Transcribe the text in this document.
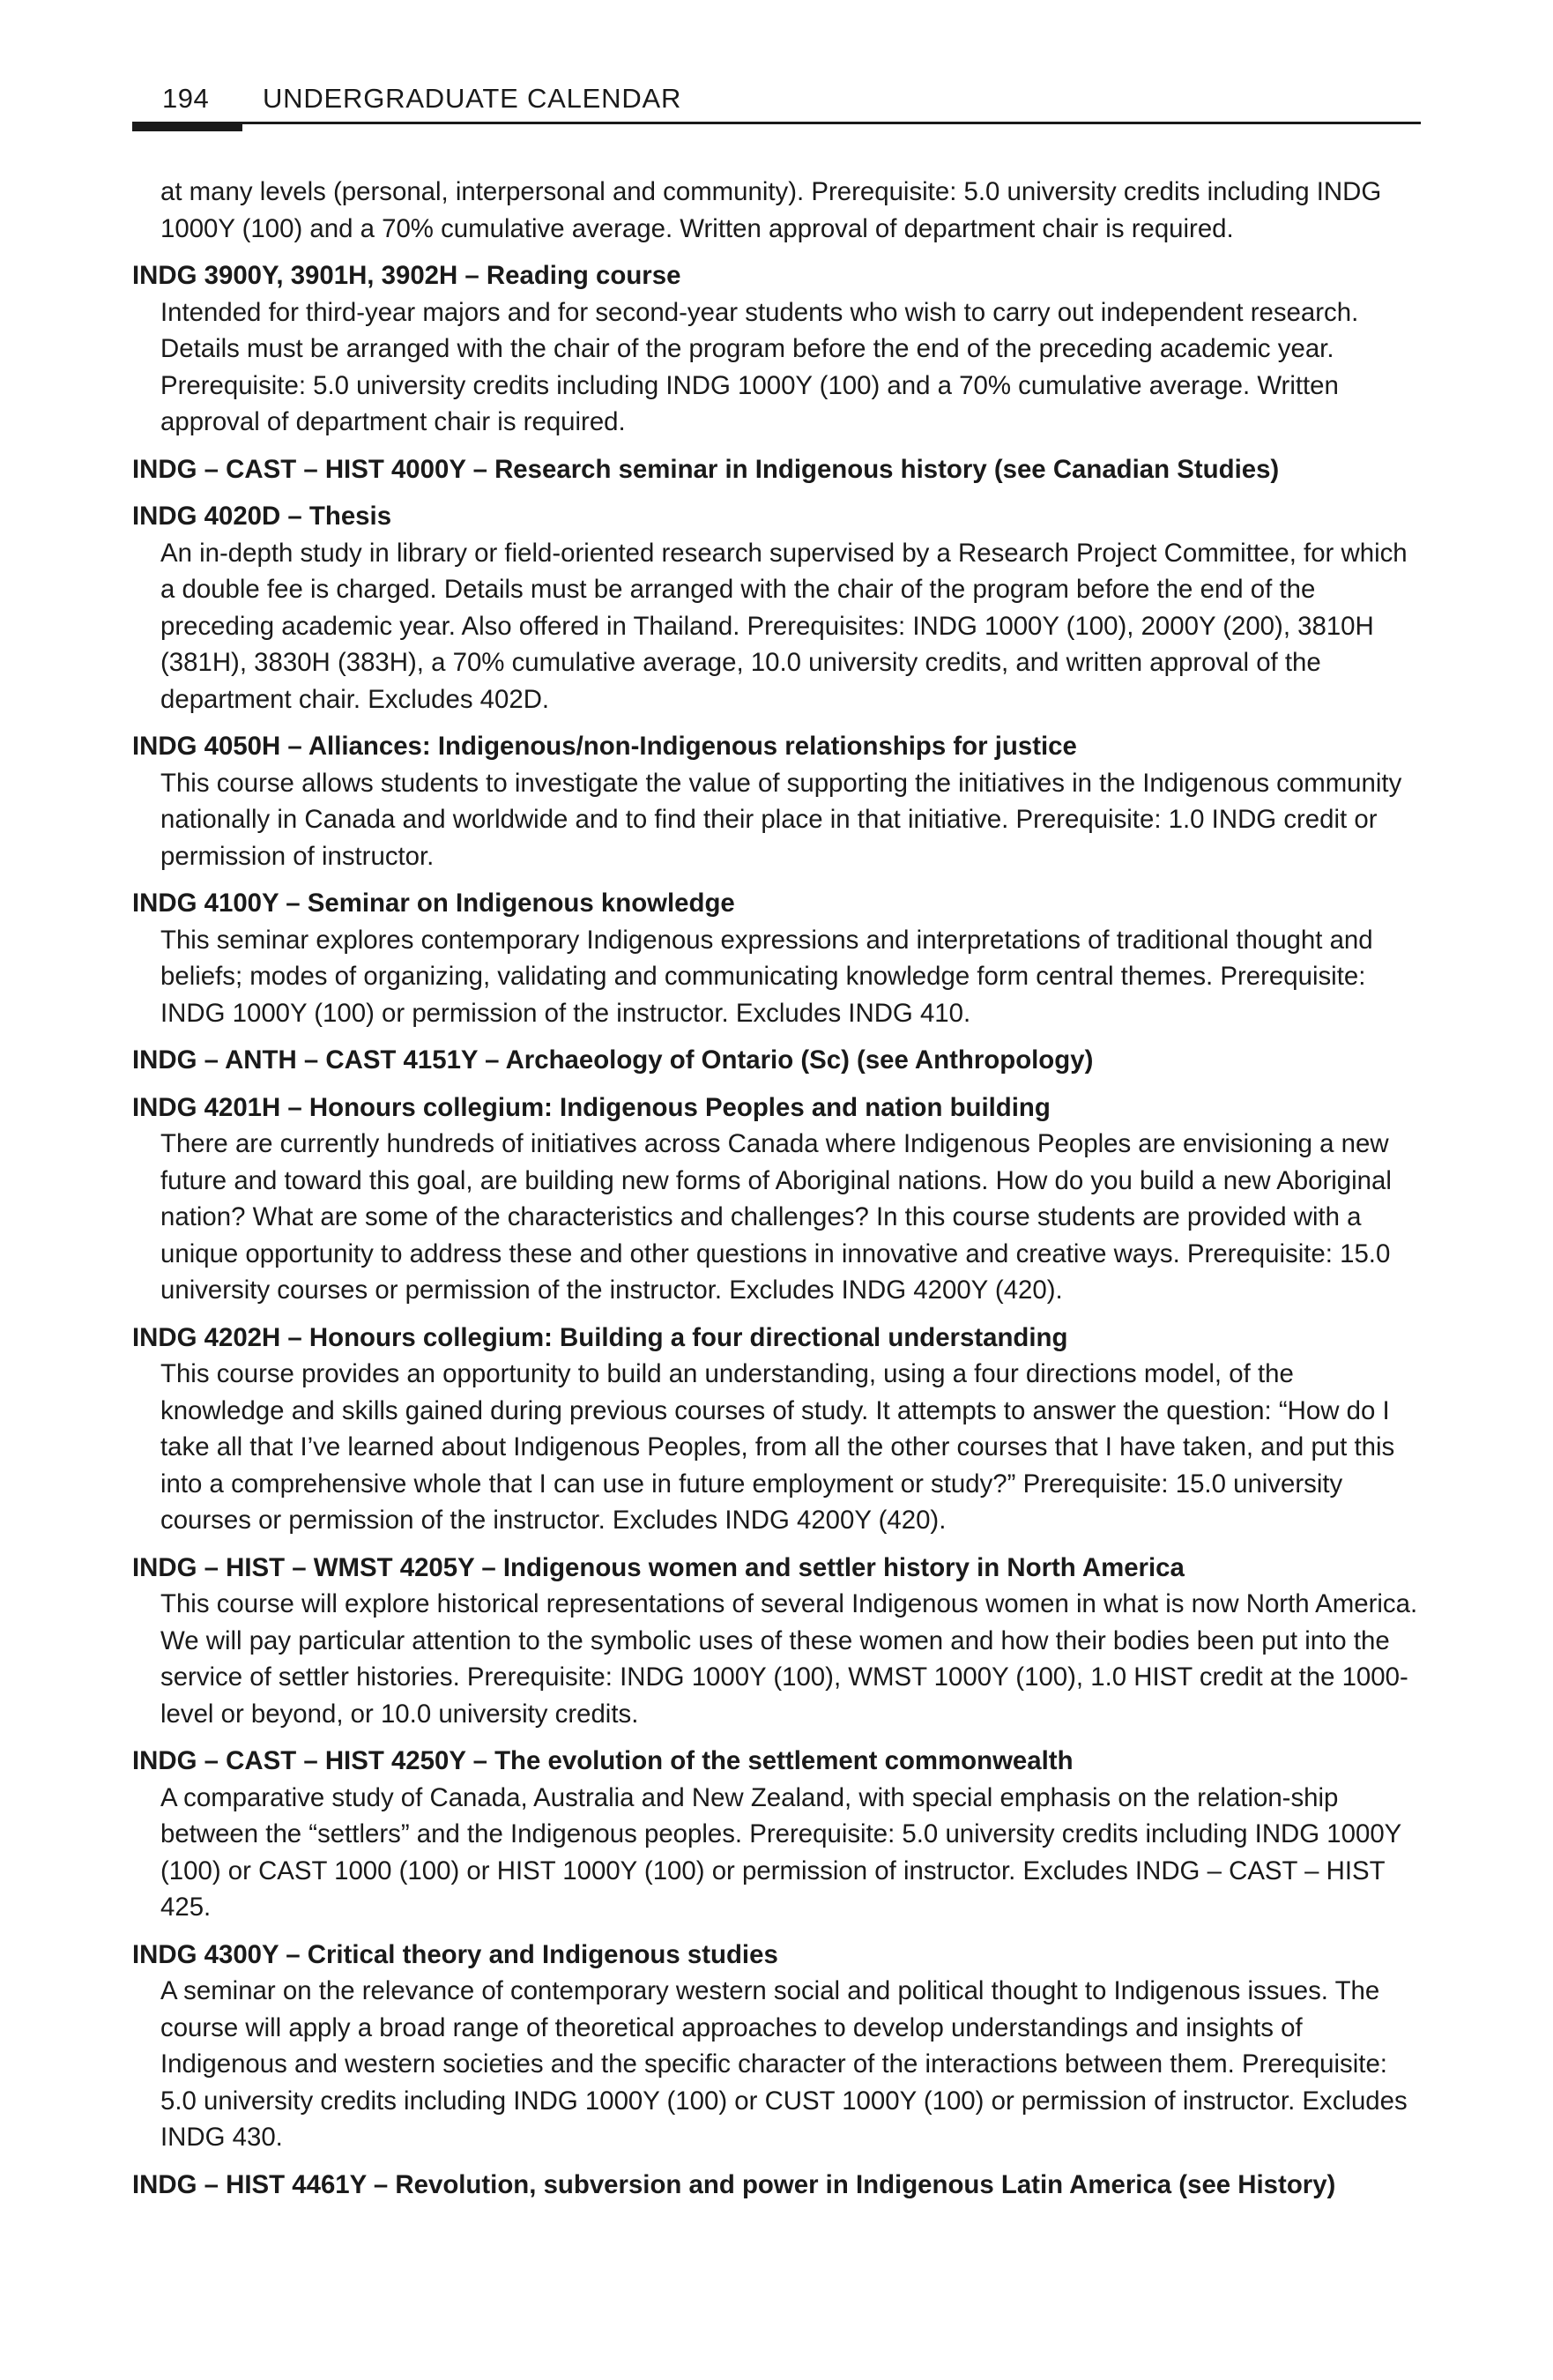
194 UNDERGRADUATE CALENDAR

at many levels (personal, interpersonal and community). Prerequisite: 5.0 university credits including INDG 1000Y (100) and a 70% cumulative average. Written approval of department chair is required.

INDG 3900Y, 3901H, 3902H – Reading course

Intended for third-year majors and for second-year students who wish to carry out independent research. Details must be arranged with the chair of the program before the end of the preceding academic year. Prerequisite: 5.0 university credits including INDG 1000Y (100) and a 70% cumulative average. Written approval of department chair is required.

INDG – CAST – HIST 4000Y – Research seminar in Indigenous history (see Canadian Studies)

INDG 4020D – Thesis

An in-depth study in library or field-oriented research supervised by a Research Project Committee, for which a double fee is charged. Details must be arranged with the chair of the program before the end of the preceding academic year. Also offered in Thailand. Prerequisites: INDG 1000Y (100), 2000Y (200), 3810H (381H), 3830H (383H), a 70% cumulative average, 10.0 university credits, and written approval of the department chair. Excludes 402D.

INDG 4050H – Alliances: Indigenous/non-Indigenous relationships for justice

This course allows students to investigate the value of supporting the initiatives in the Indigenous community nationally in Canada and worldwide and to find their place in that initiative. Prerequisite: 1.0 INDG credit or permission of instructor.

INDG 4100Y – Seminar on Indigenous knowledge

This seminar explores contemporary Indigenous expressions and interpretations of traditional thought and beliefs; modes of organizing, validating and communicating knowledge form central themes. Prerequisite: INDG 1000Y (100) or permission of the instructor. Excludes INDG 410.

INDG – ANTH – CAST 4151Y – Archaeology of Ontario (Sc) (see Anthropology)

INDG 4201H – Honours collegium: Indigenous Peoples and nation building

There are currently hundreds of initiatives across Canada where Indigenous Peoples are envisioning a new future and toward this goal, are building new forms of Aboriginal nations. How do you build a new Aboriginal nation? What are some of the characteristics and challenges? In this course students are provided with a unique opportunity to address these and other questions in innovative and creative ways. Prerequisite: 15.0 university courses or permission of the instructor. Excludes INDG 4200Y (420).

INDG 4202H – Honours collegium: Building a four directional understanding

This course provides an opportunity to build an understanding, using a four directions model, of the knowledge and skills gained during previous courses of study. It attempts to answer the question: “How do I take all that I’ve learned about Indigenous Peoples, from all the other courses that I have taken, and put this into a comprehensive whole that I can use in future employment or study?” Prerequisite: 15.0 university courses or permission of the instructor. Excludes INDG 4200Y (420).

INDG – HIST – WMST 4205Y – Indigenous women and settler history in North America

This course will explore historical representations of several Indigenous women in what is now North America. We will pay particular attention to the symbolic uses of these women and how their bodies been put into the service of settler histories. Prerequisite: INDG 1000Y (100), WMST 1000Y (100), 1.0 HIST credit at the 1000-level or beyond, or 10.0 university credits.

INDG – CAST – HIST 4250Y – The evolution of the settlement commonwealth

A comparative study of Canada, Australia and New Zealand, with special emphasis on the relation-ship between the “settlers” and the Indigenous peoples. Prerequisite: 5.0 university credits including INDG 1000Y (100) or CAST 1000 (100) or HIST 1000Y (100) or permission of instructor. Excludes INDG – CAST – HIST 425.

INDG 4300Y – Critical theory and Indigenous studies

A seminar on the relevance of contemporary western social and political thought to Indigenous issues. The course will apply a broad range of theoretical approaches to develop understandings and insights of Indigenous and western societies and the specific character of the interactions between them. Prerequisite: 5.0 university credits including INDG 1000Y (100) or CUST 1000Y (100) or permission of instructor. Excludes INDG 430.

INDG – HIST 4461Y – Revolution, subversion and power in Indigenous Latin America (see History)
